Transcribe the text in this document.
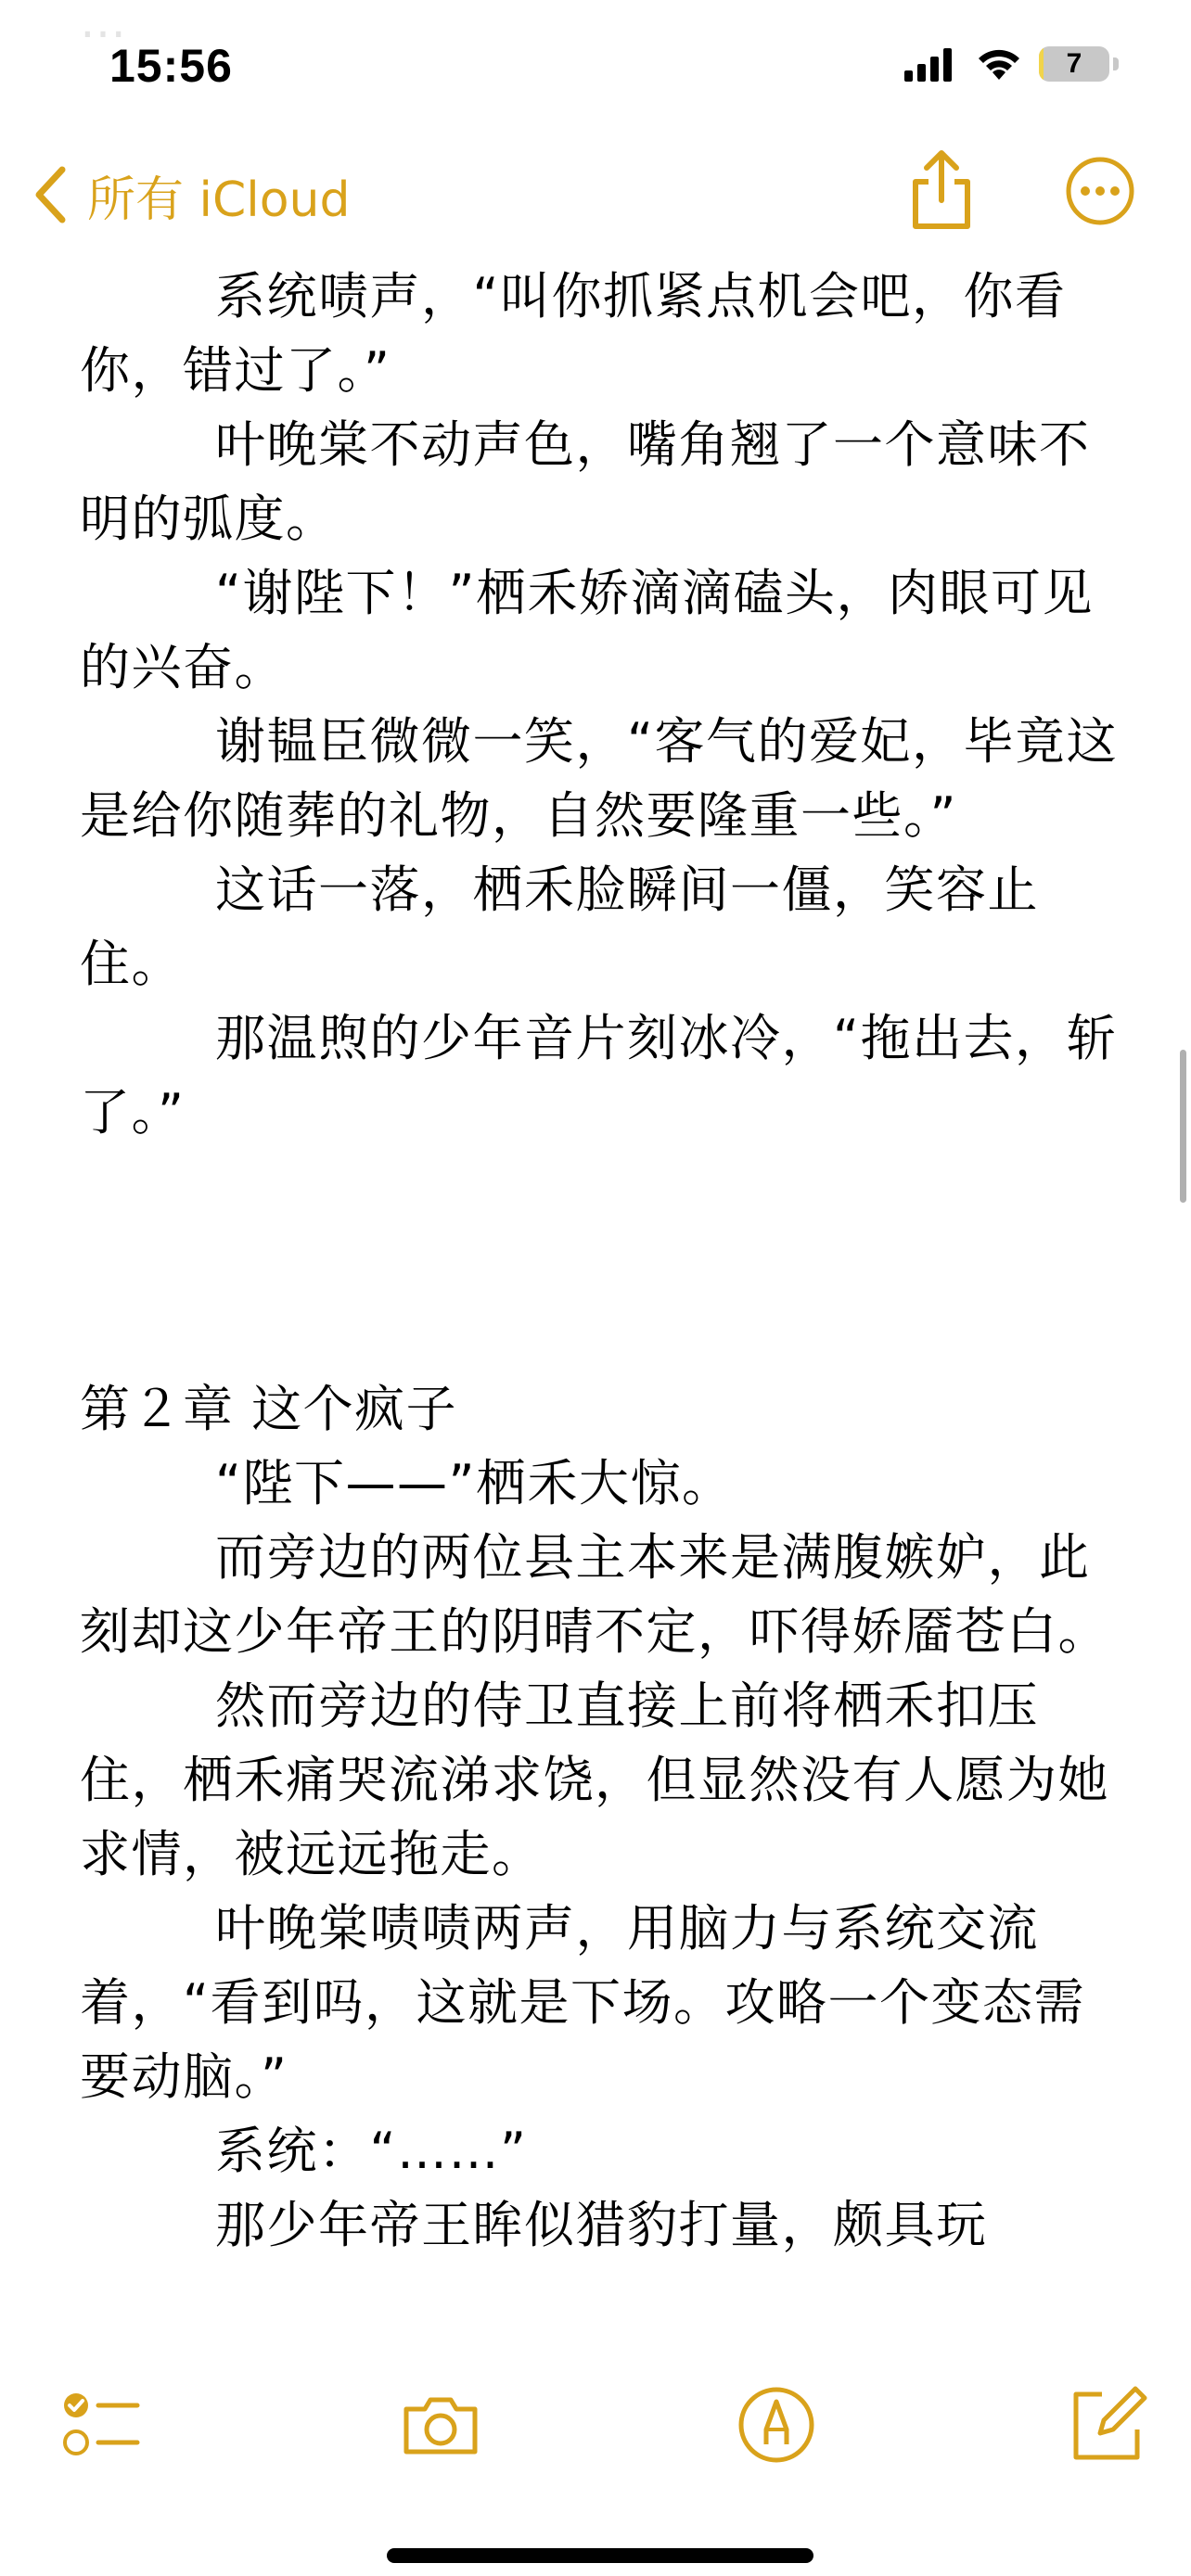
15:56	7
…
所有 iCloud

系统啧声，“叫你抓紧点机会吧，你看你，错过了。”

叶晚棠不动声色，嘴角翘了一个意味不明的弧度。

“谢陛下！”栖禾娇滴滴磕头，肉眼可见的兴奋。

谢韫臣微微一笑，“客气的爱妃，毕竟这是给你随葬的礼物，自然要隆重一些。”

这话一落，栖禾脸瞬间一僵，笑容止住。

那温煦的少年音片刻冰冷，“拖出去，斩了。”

第２章 这个疯子

“陛下——”栖禾大惊。

而旁边的两位县主本来是满腹嫉妒，此刻却这少年帝王的阴晴不定，吓得娇靥苍白。

然而旁边的侍卫直接上前将栖禾扣压住，栖禾痛哭流涕求饶，但显然没有人愿为她求情，被远远拖走。

叶晚棠啧啧两声，用脑力与系统交流着，“看到吗，这就是下场。攻略一个变态需要动脑。”

系统：“……”

那少年帝王眸似猎豹打量，颇具玩
